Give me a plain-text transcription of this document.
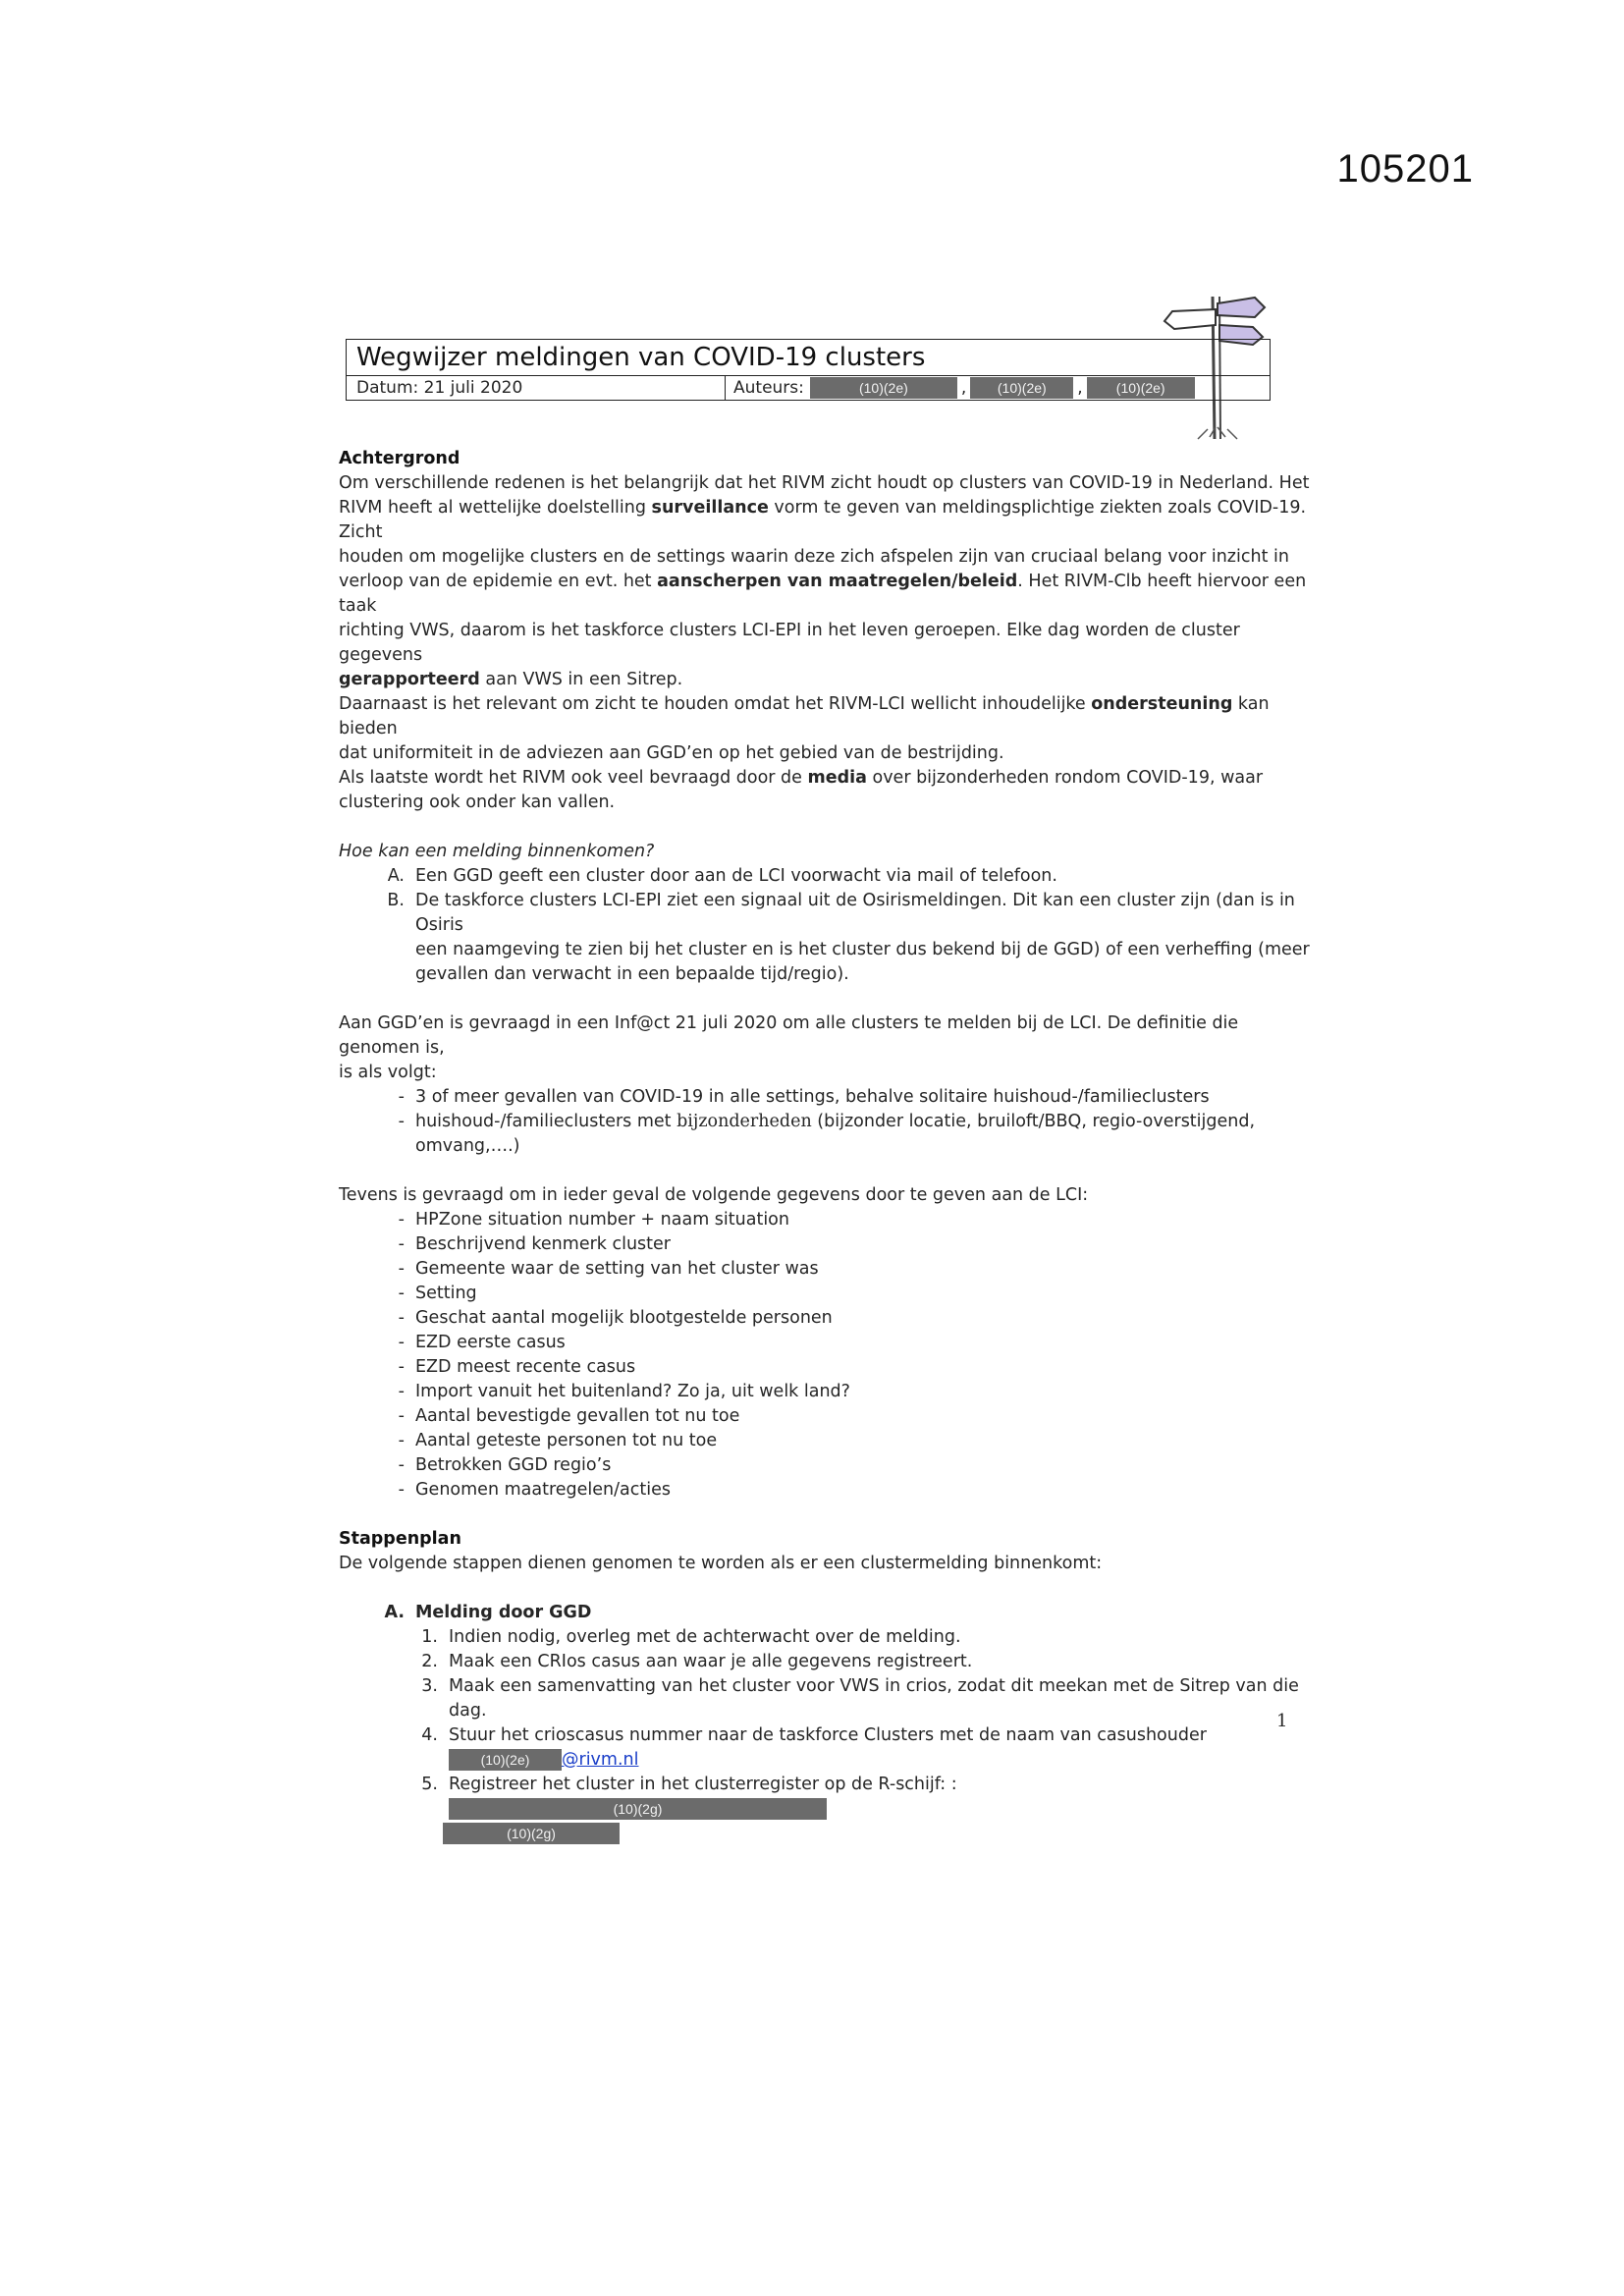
105201
Wegwijzer meldingen van COVID-19 clusters
Datum: 21 juli 2020	Auteurs:	(10)(2e)	,	(10)(2e)	,	(10)(2e)

Achtergrond

Om verschillende redenen is het belangrijk dat het RIVM zicht houdt op clusters van COVID-19 in Nederland. Het

RIVM heeft al wettelijke doelstelling surveillance vorm te geven van meldingsplichtige ziekten zoals COVID-19. Zicht

houden om mogelijke clusters en de settings waarin deze zich afspelen zijn van cruciaal belang voor inzicht in

verloop van de epidemie en evt. het aanscherpen van maatregelen/beleid. Het RIVM-Clb heeft hiervoor een taak

richting VWS, daarom is het taskforce clusters LCI-EPI in het leven geroepen. Elke dag worden de cluster gegevens

gerapporteerd aan VWS in een Sitrep.

Daarnaast is het relevant om zicht te houden omdat het RIVM-LCI wellicht inhoudelijke ondersteuning kan bieden

dat uniformiteit in de adviezen aan GGD’en op het gebied van de bestrijding.

Als laatste wordt het RIVM ook veel bevraagd door de media over bijzonderheden rondom COVID-19, waar

clustering ook onder kan vallen.

Hoe kan een melding binnenkomen?

A. Een GGD geeft een cluster door aan de LCI voorwacht via mail of telefoon.

B. De taskforce clusters LCI-EPI ziet een signaal uit de Osirismeldingen. Dit kan een cluster zijn (dan is in Osiris

een naamgeving te zien bij het cluster en is het cluster dus bekend bij de GGD) of een verheffing (meer

gevallen dan verwacht in een bepaalde tijd/regio).

Aan GGD’en is gevraagd in een Inf@ct 21 juli 2020 om alle clusters te melden bij de LCI. De definitie die genomen is,

is als volgt:

- 3 of meer gevallen van COVID-19 in alle settings, behalve solitaire huishoud-/familieclusters

- huishoud-/familieclusters met bijzonderheden (bijzonder locatie, bruiloft/BBQ, regio-overstijgend,

omvang,….)

Tevens is gevraagd om in ieder geval de volgende gegevens door te geven aan de LCI:

- HPZone situation number + naam situation

- Beschrijvend kenmerk cluster

- Gemeente waar de setting van het cluster was

- Setting

- Geschat aantal mogelijk blootgestelde personen

- EZD eerste casus

- EZD meest recente casus

- Import vanuit het buitenland? Zo ja, uit welk land?

- Aantal bevestigde gevallen tot nu toe

- Aantal geteste personen tot nu toe

- Betrokken GGD regio’s

- Genomen maatregelen/acties

Stappenplan

De volgende stappen dienen genomen te worden als er een clustermelding binnenkomt:

A. Melding door GGD
1. Indien nodig, overleg met de achterwacht over de melding.

2. Maak een CRIos casus aan waar je alle gegevens registreert.

3. Maak een samenvatting van het cluster voor VWS in crios, zodat dit meekan met de Sitrep van die dag.

4. Stuur het crioscasus nummer naar de taskforce Clusters met de naam van casushouder

(10)(2e) @rivm.nl

5. Registreer het cluster in het clusterregister op de R-schijf: :(10)(2g)

(10)(2g)

1
